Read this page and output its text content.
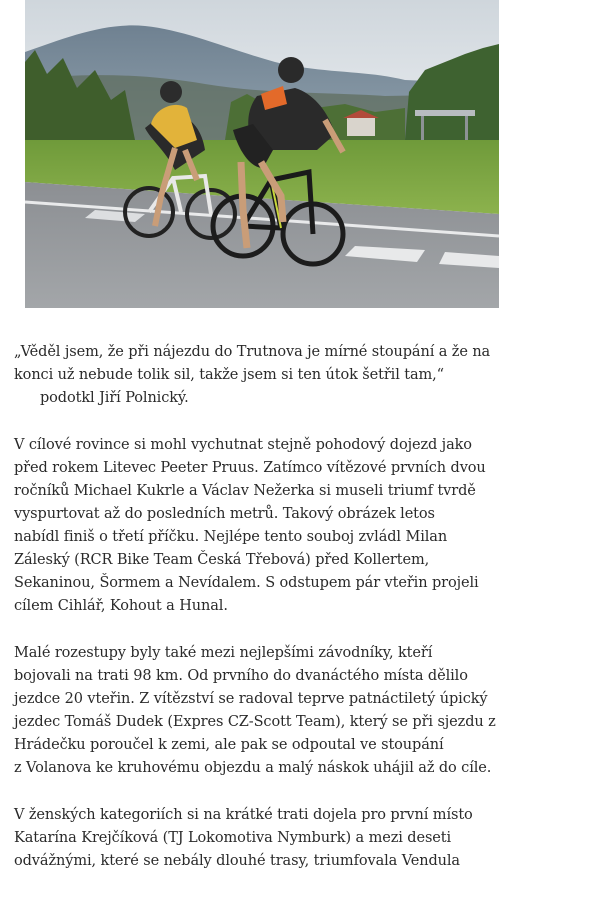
„Věděl jsem, že při nájezdu do Trutnova je mírné stoupání a že na
konci už nebude tolik sil, takže jsem si ten útok šetřil tam,“
podotkl Jiří Polnický.

V cílové rovince si mohl vychutnat stejně pohodový dojezd jako
před rokem Litevec Peeter Pruus. Zatímco vítězové prvních dvou
ročníků Michael Kukrle a Václav Nežerka si museli triumf tvrdě
vyspurtovat až do posledních metrů. Takový obrázek letos
nabídl finiš o třetí příčku. Nejlépe tento souboj zvládl Milan
Záleský (RCR Bike Team Česká Třebová) před Kollertem,
Sekaninou, Šormem a Nevídalem. S odstupem pár vteřin projeli
cílem Cihlář, Kohout a Hunal.

Malé rozestupy byly také mezi nejlepšími závodníky, kteří
bojovali na trati 98 km. Od prvního do dvanáctého místa dělilo
jezdce 20 vteřin. Z vítězství se radoval teprve patnáctiletý úpický
jezdec Tomáš Dudek (Expres CZ-Scott Team), který se při sjezdu z
Hrádečku poroučel k zemi, ale pak se odpoutal ve stoupání
z Volanova ke kruhovému objezdu a malý náskok uhájil až do cíle.

V ženských kategoriích si na krátké trati dojela pro první místo
Katarína Krejčíková (TJ Lokomotiva Nymburk) a mezi deseti
odvážnými, které se nebály dlouhé trasy, triumfovala Vendula
